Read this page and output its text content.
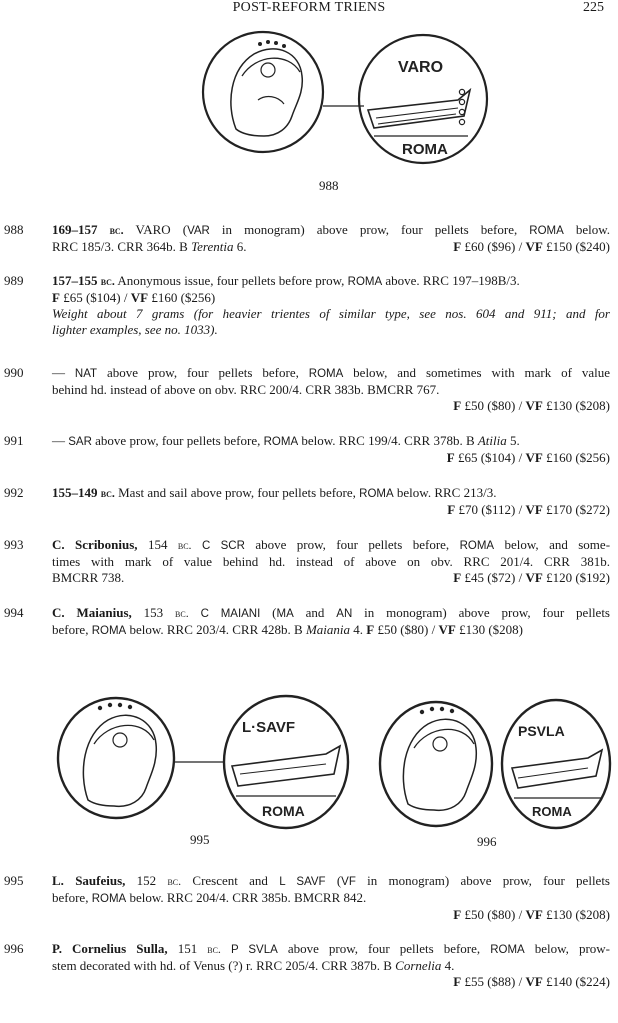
POST-REFORM TRIENS	225
VARO
ROMA
988
988 169–157 bc. VARO (VAR in monogram) above prow, four pellets before, ROMA below.
RRC 185/3. CRR 364b. B Terentia 6.	F £60 ($96) / VF £150 ($240)
989 157–155 bc. Anonymous issue, four pellets before prow, ROMA above. RRC 197–198B/3.
F £65 ($104) / VF £160 ($256)
Weight about 7 grams (for heavier trientes of similar type, see nos. 604 and 911; and for
lighter examples, see no. 1033).
990 — NAT above prow, four pellets before, ROMA below, and sometimes with mark of value
behind hd. instead of above on obv. RRC 200/4. CRR 383b. BMCRR 767.
F £50 ($80) / VF £130 ($208)
991 — SAR above prow, four pellets before, ROMA below. RRC 199/4. CRR 378b. B Atilia 5.
F £65 ($104) / VF £160 ($256)
992 155–149 bc. Mast and sail above prow, four pellets before, ROMA below. RRC 213/3.
F £70 ($112) / VF £170 ($272)
993 C. Scribonius, 154 bc. C SCR above prow, four pellets before, ROMA below, and some-
times with mark of value behind hd. instead of above on obv. RRC 201/4. CRR 381b.
BMCRR 738.	F £45 ($72) / VF £120 ($192)
994 C. Maianius, 153 bc. C MAIANI (MA and AN in monogram) above prow, four pellets
before, ROMA below. RRC 203/4. CRR 428b. B Maiania 4. F £50 ($80) / VF £130 ($208)
L·SAVF
ROMA
PSVLA
ROMA
995	996
995 L. Saufeius, 152 bc. Crescent and L SAVF (VF in monogram) above prow, four pellets
before, ROMA below. RRC 204/4. CRR 385b. BMCRR 842.
F £50 ($80) / VF £130 ($208)
996 P. Cornelius Sulla, 151 bc. P SVLA above prow, four pellets before, ROMA below, prow-
stem decorated with hd. of Venus (?) r. RRC 205/4. CRR 387b. B Cornelia 4.
F £55 ($88) / VF £140 ($224)
